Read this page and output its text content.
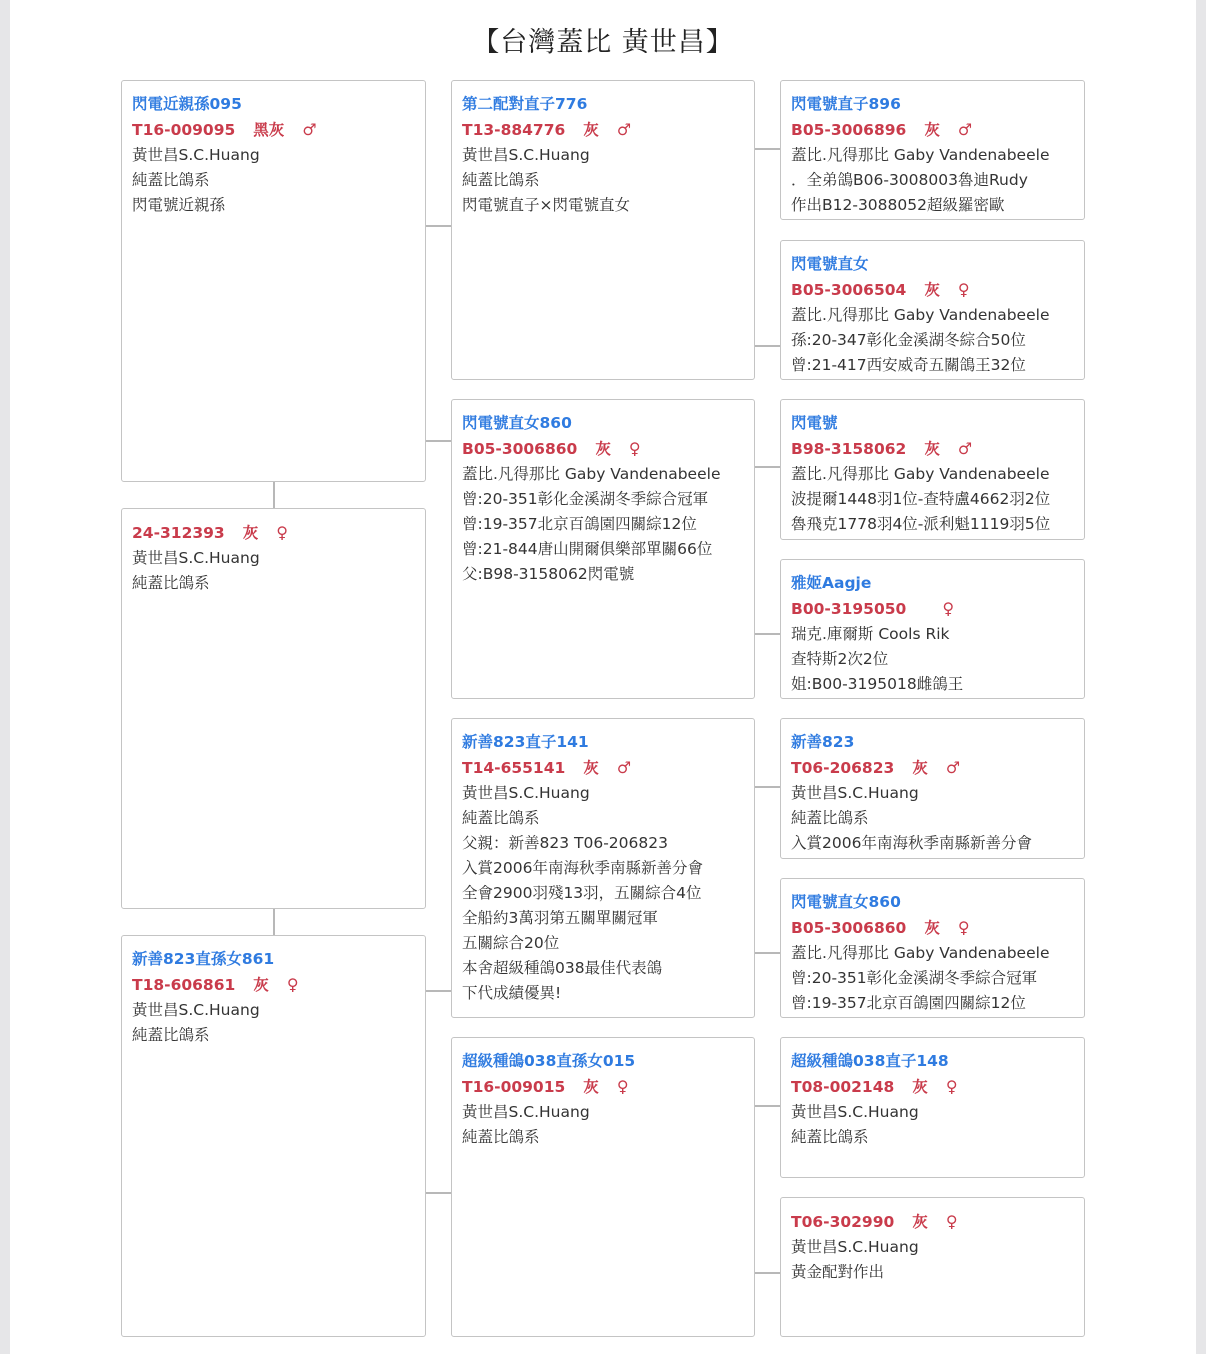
【台灣蓋比 黃世昌】
閃電近親孫095
T16-009095 黑灰 ♂
黃世昌S.C.Huang
純蓋比鴿系
閃電號近親孫
24-312393 灰 ♀
黃世昌S.C.Huang
純蓋比鴿系
新善823直孫女861
T18-606861 灰 ♀
黃世昌S.C.Huang
純蓋比鴿系
第二配對直子776
T13-884776 灰 ♂
黃世昌S.C.Huang
純蓋比鴿系
閃電號直子×閃電號直女
閃電號直女860
B05-3006860 灰 ♀
蓋比.凡得那比 Gaby Vandenabeele
曾:20-351彰化金溪湖冬季綜合冠軍
曾:19-357北京百鴿園四關綜12位
曾:21-844唐山開爾俱樂部單關66位
父:B98-3158062閃電號
新善823直子141
T14-655141 灰 ♂
黃世昌S.C.Huang
純蓋比鴿系
父親：新善823 T06-206823
入賞2006年南海秋季南縣新善分會
全會2900羽殘13羽，五關綜合4位
全船約3萬羽第五關單關冠軍
五關綜合20位
本舍超級種鴿038最佳代表鴿
下代成績優異!
超級種鴿038直孫女015
T16-009015 灰 ♀
黃世昌S.C.Huang
純蓋比鴿系
閃電號直子896
B05-3006896 灰 ♂
蓋比.凡得那比 Gaby Vandenabeele
．全弟鴿B06-3008003魯迪Rudy
作出B12-3088052超級羅密歐
閃電號直女
B05-3006504 灰 ♀
蓋比.凡得那比 Gaby Vandenabeele
孫:20-347彰化金溪湖冬綜合50位
曾:21-417西安威奇五關鴿王32位
閃電號
B98-3158062 灰 ♂
蓋比.凡得那比 Gaby Vandenabeele
波提爾1448羽1位-查特盧4662羽2位
魯飛克1778羽4位-派利魁1119羽5位
雅姬Aagje
B00-3195050 ♀
瑞克.庫爾斯 Cools Rik
查特斯2次2位
姐:B00-3195018雌鴿王
新善823
T06-206823 灰 ♂
黃世昌S.C.Huang
純蓋比鴿系
入賞2006年南海秋季南縣新善分會
閃電號直女860
B05-3006860 灰 ♀
蓋比.凡得那比 Gaby Vandenabeele
曾:20-351彰化金溪湖冬季綜合冠軍
曾:19-357北京百鴿園四關綜12位
超級種鴿038直子148
T08-002148 灰 ♀
黃世昌S.C.Huang
純蓋比鴿系
T06-302990 灰 ♀
黃世昌S.C.Huang
黃金配對作出
